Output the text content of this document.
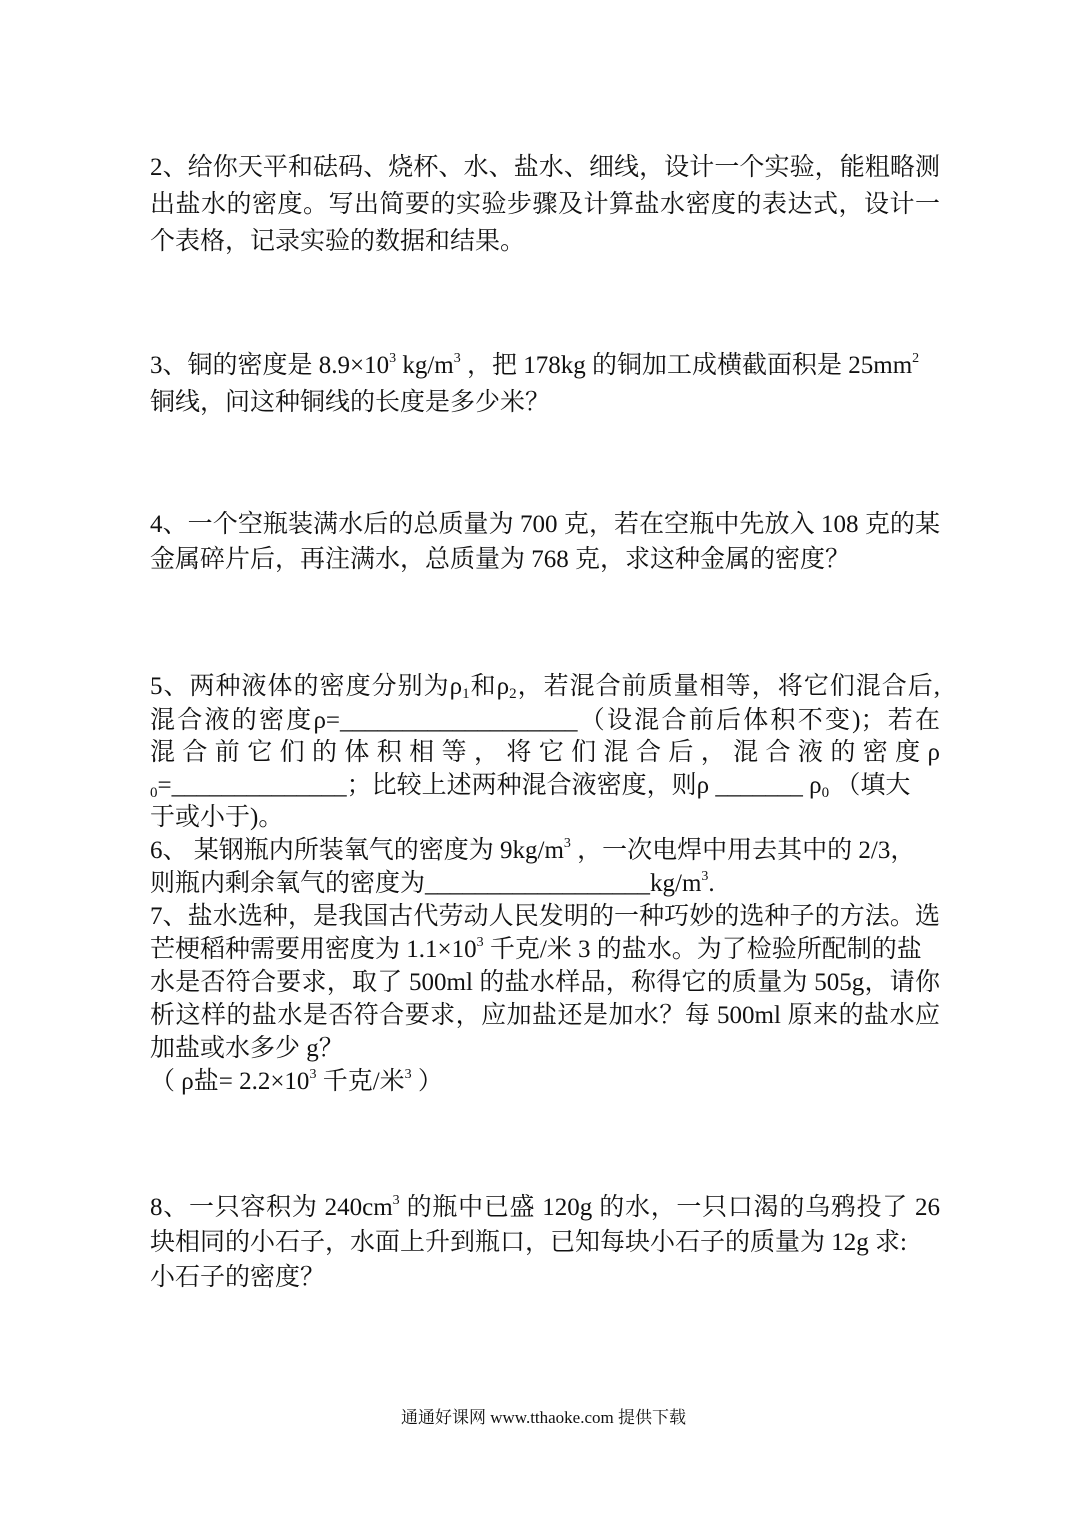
2、给你天平和砝码、烧杯、水、盐水、细线，设计一个实验，能粗略测
出盐水的密度。写出简要的实验步骤及计算盐水密度的表达式，设计一
个表格，记录实验的数据和结果。
3、铜的密度是 $8.9\times 10^3$ $kg/m^3$ ，把 178kg 的铜加工成横截面积是 $25mm^2$
铜线，问这种铜线的长度是多少米？
4、一个空瓶装满水后的总质量为 700 克，若在空瓶中先放入 108 克的某
金属碎片后，再注满水，总质量为 768 克，求这种金属的密度？
5、两种液体的密度分别为$\rho_1$和$\rho_2$，若混合前质量相等，将它们混合后,
混合液的密度ρ=___________________（设混合前后体积不变)；若在
混 合 前 它 们 的 体 积 相 等 ， 将 它 们 混 合 后 ， 混 合 液 的 密 度 ρ
$_0$=______________；比较上述两种混合液密度，则ρ _______ $\rho_0$ （填大
于或小于)。
6、 某钢瓶内所装氧气的密度为 $9kg/m^3$ ，一次电焊中用去其中的 2/3，
则瓶内剩余氧气的密度为$\_\_\_\_\_\_\_\_\_\_\_\_\_\_\_\_\_\_kg/m^3$.
7、盐水选种，是我国古代劳动人民发明的一种巧妙的选种子的方法。选
芒梗稻种需要用密度为 $1.1\times 10^3$ 千克/米 3 的盐水。为了检验所配制的盐
水是否符合要求，取了 500ml 的盐水样品，称得它的质量为 505g，请你
析这样的盐水是否符合要求，应加盐还是加水？每 500ml 原来的盐水应
加盐或水多少 g？
（ ρ盐= $2.2\times 10^3$ 千克/米$^3$ ）
8、一只容积为 $240cm^3$ 的瓶中已盛 120g 的水，一只口渴的乌鸦投了 26
块相同的小石子，水面上升到瓶口，已知每块小石子的质量为 12g 求:
小石子的密度？
通通好课网 www.tthaoke.com 提供下载
